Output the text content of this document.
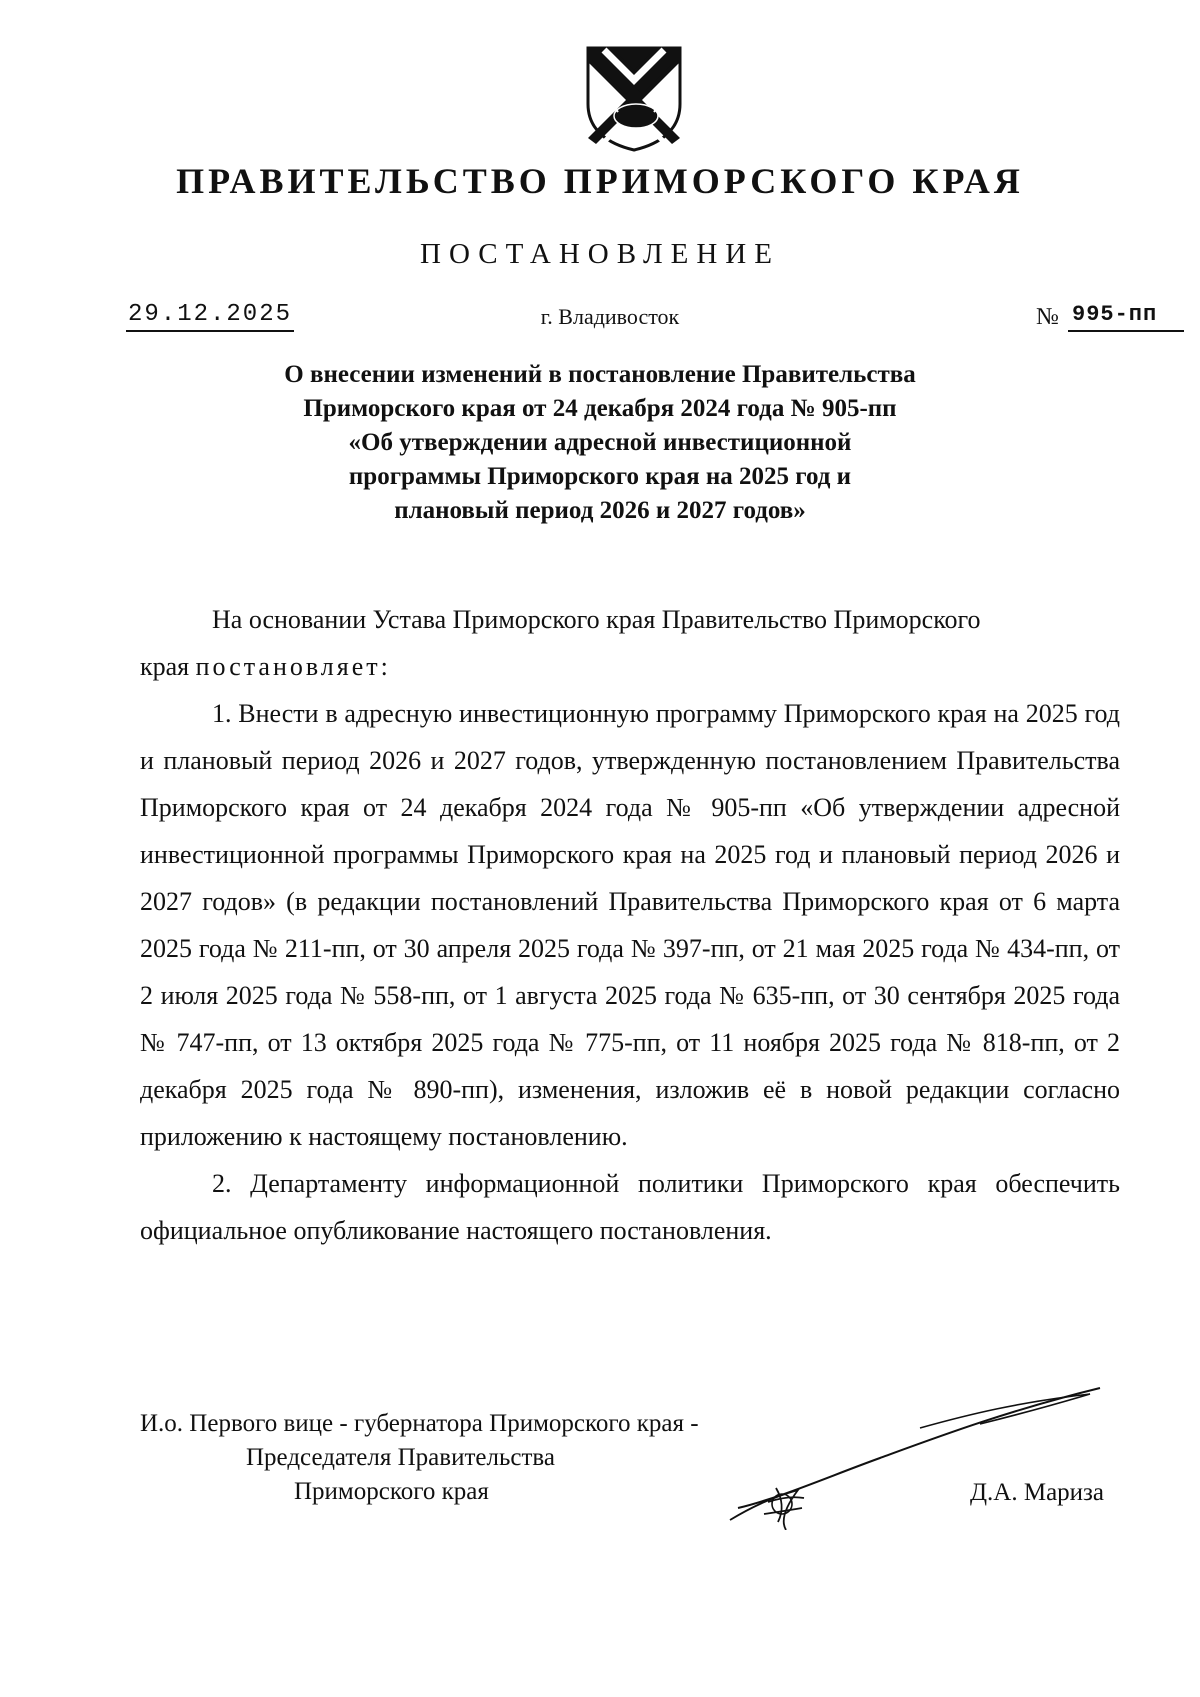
ПРАВИТЕЛЬСТВО ПРИМОРСКОГО КРАЯ
ПОСТАНОВЛЕНИЕ
29.12.2025	г. Владивосток	№ 995-пп
О внесении изменений в постановление Правительства
Приморского края от 24 декабря 2024 года № 905-пп
«Об утверждении адресной инвестиционной
программы Приморского края на 2025 год и
плановый период 2026 и 2027 годов»

На основании Устава Приморского края Правительство Приморского

края постановляет:

1. Внести в адресную инвестиционную программу Приморского края на 2025 год и плановый период 2026 и 2027 годов, утвержденную постановлением Правительства Приморского края от 24 декабря 2024 года № 905-пп «Об утверждении адресной инвестиционной программы Приморского края на 2025 год и плановый период 2026 и 2027 годов» (в редакции постановлений Правительства Приморского края от 6 марта 2025 года № 211-пп, от 30 апреля 2025 года № 397-пп, от 21 мая 2025 года № 434-пп, от 2 июля 2025 года № 558-пп, от 1 августа 2025 года № 635-пп, от 30 сентября 2025 года № 747-пп, от 13 октября 2025 года № 775-пп, от 11 ноября 2025 года № 818-пп, от 2 декабря 2025 года № 890-пп), изменения, изложив её в новой редакции согласно приложению к настоящему постановлению.

2. Департаменту информационной политики Приморского края обеспечить официальное опубликование настоящего постановления.

И.о. Первого вице - губернатора Приморского края -
Председателя Правительства
Приморского края	Д.А. Мариза
